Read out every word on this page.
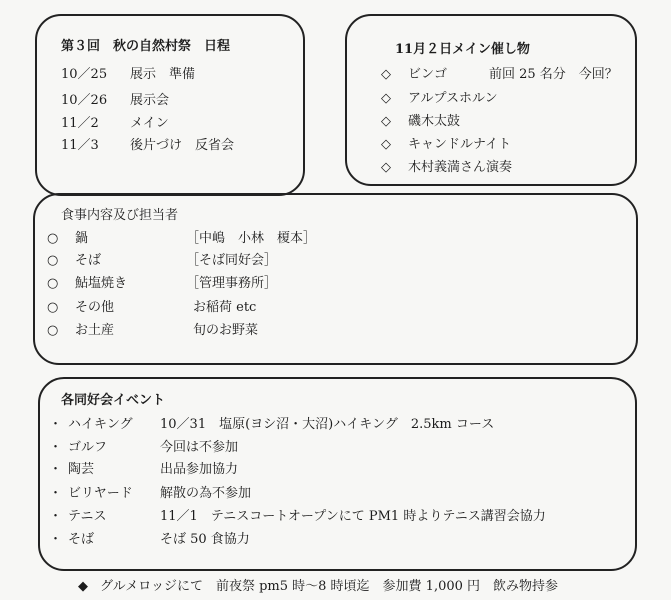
第３回　秋の自然村祭　日程
10／25 展示　準備
10／26 展示会
11／2 メイン
11／3 後片づけ　反省会
11月２日メイン催し物
◇ ビンゴ	前回 25 名分　今回？
◇ アルプスホルン
◇ 磯木太鼓
◇ キャンドルナイト
◇ 木村義満さん演奏
食事内容及び担当者
○ 鍋	［中嶋　小林　榎本］
○ そば	［そば同好会］
○ 鮎塩焼き	［管理事務所］
○ その他	お稲荷 etc
○ お土産	旬のお野菜
各同好会イベント
・ ハイキング 10／31　塩原(ヨシ沼・大沼)ハイキング　2.5km コース
・ ゴルフ	今回は不参加
・ 陶芸	出品参加協力
・ ビリヤード 解散の為不参加
・ テニス	11／1　テニスコートオープンにて PM1 時よりテニス講習会協力
・ そば	そば 50 食協力
◆ グルメロッジにて　前夜祭 pm5 時～8 時頃迄　参加費 1,000 円　飲み物持参
